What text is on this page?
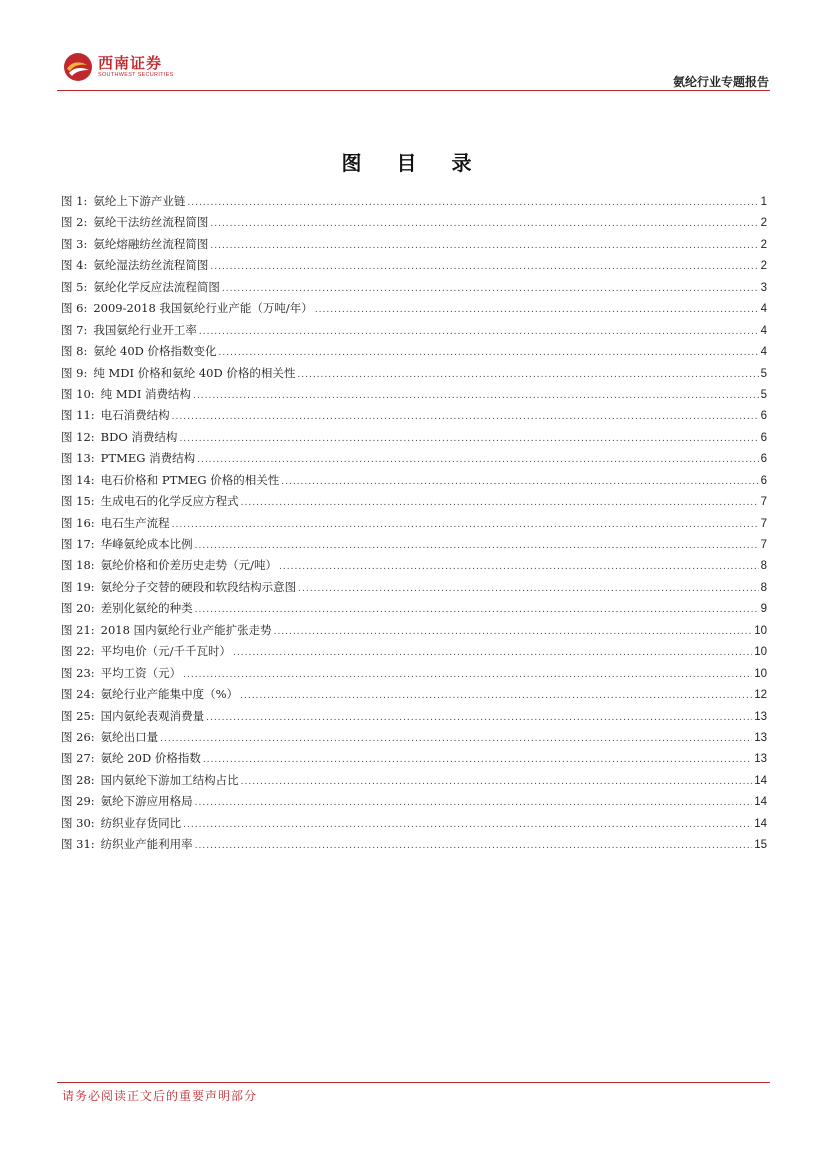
西南证券
SOUTHWEST SECURITIES	氨纶行业专题报告
图 目 录
图 1: 氨纶上下游产业链 .....	1
图 2: 氨纶干法纺丝流程简图 .....	2
图 3: 氨纶熔融纺丝流程简图 .....	2
图 4: 氨纶湿法纺丝流程简图 .....	2
图 5: 氨纶化学反应法流程简图 .....	3
图 6: 2009-2018 我国氨纶行业产能（万吨/年） .....	4
图 7: 我国氨纶行业开工率 .....	4
图 8: 氨纶 40D 价格指数变化 .....	4
图 9: 纯 MDI 价格和氨纶 40D 价格的相关性 .....	5
图 10: 纯 MDI 消费结构 .....	5
图 11: 电石消费结构 .....	6
图 12: BDO 消费结构 .....	6
图 13: PTMEG 消费结构 .....	6
图 14: 电石价格和 PTMEG 价格的相关性 .....	6
图 15: 生成电石的化学反应方程式 .....	7
图 16: 电石生产流程 .....	7
图 17: 华峰氨纶成本比例 .....	7
图 18: 氨纶价格和价差历史走势（元/吨） .....	8
图 19: 氨纶分子交替的硬段和软段结构示意图 .....	8
图 20: 差别化氨纶的种类 .....	9
图 21: 2018 国内氨纶行业产能扩张走势 .....	10
图 22: 平均电价（元/千千瓦时） .....	10
图 23: 平均工资（元） .....	10
图 24: 氨纶行业产能集中度（%） .....	12
图 25: 国内氨纶表观消费量 .....	13
图 26: 氨纶出口量 .....	13
图 27: 氨纶 20D 价格指数 .....	13
图 28: 国内氨纶下游加工结构占比 .....	14
图 29: 氨纶下游应用格局 .....	14
图 30: 纺织业存货同比 .....	14
图 31: 纺织业产能利用率 .....	15
请务必阅读正文后的重要声明部分
